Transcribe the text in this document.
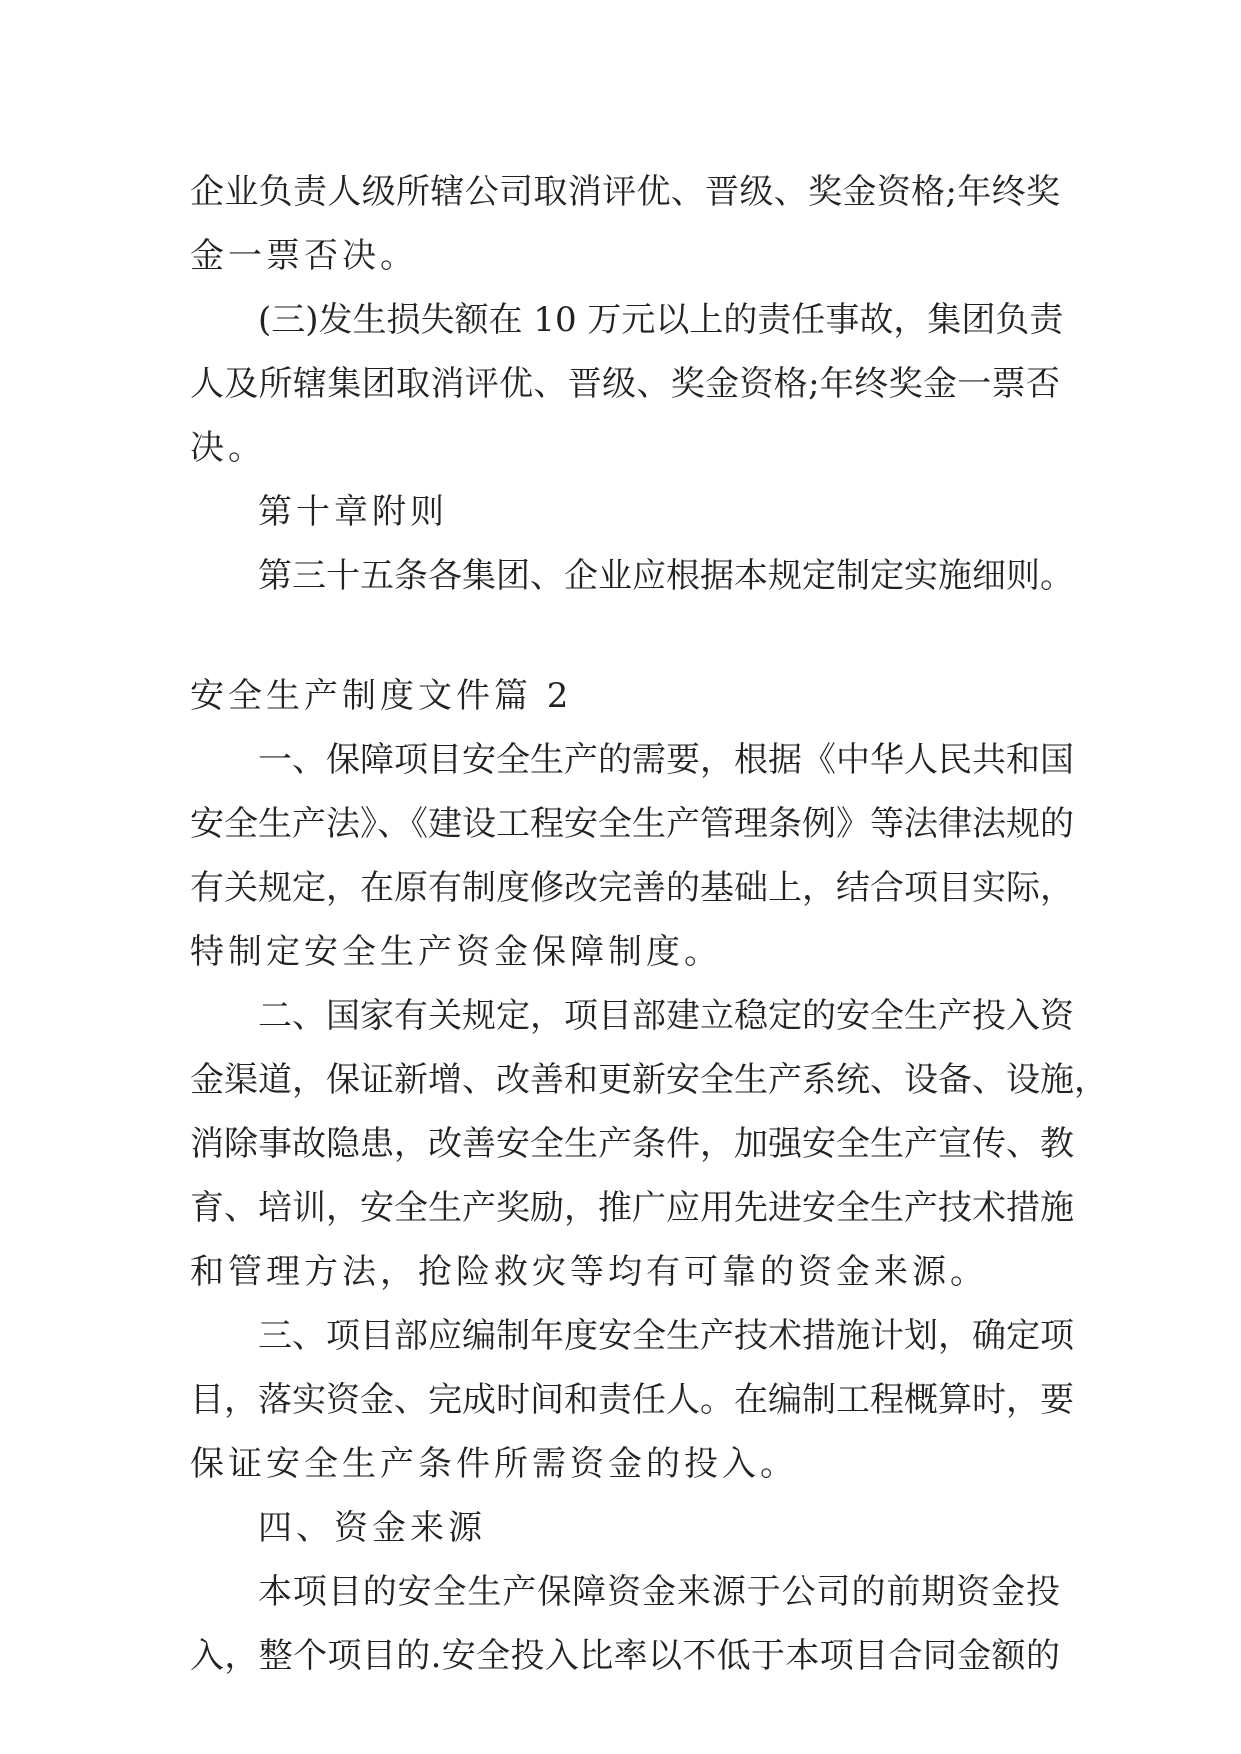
企业负责人级所辖公司取消评优、晋级、奖金资格;年终奖
金一票否决。
(三)发生损失额在 10 万元以上的责任事故，集团负责
人及所辖集团取消评优、晋级、奖金资格;年终奖金一票否
决。
第十章附则
第三十五条各集团、企业应根据本规定制定实施细则。
安全生产制度文件篇 2
一、保障项目安全生产的需要，根据《中华人民共和国
安全生产法》、《建设工程安全生产管理条例》等法律法规的
有关规定，在原有制度修改完善的基础上，结合项目实际，
特制定安全生产资金保障制度。
二、国家有关规定，项目部建立稳定的安全生产投入资
金渠道，保证新增、改善和更新安全生产系统、设备、设施，
消除事故隐患，改善安全生产条件，加强安全生产宣传、教
育、培训，安全生产奖励，推广应用先进安全生产技术措施
和管理方法，抢险救灾等均有可靠的资金来源。
三、项目部应编制年度安全生产技术措施计划，确定项
目，落实资金、完成时间和责任人。在编制工程概算时，要
保证安全生产条件所需资金的投入。
四、资金来源
本项目的安全生产保障资金来源于公司的前期资金投
入，整个项目的.安全投入比率以不低于本项目合同金额的
